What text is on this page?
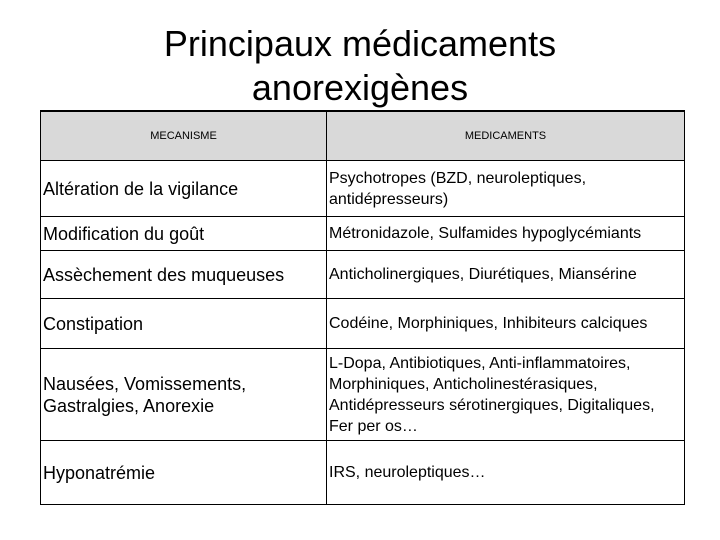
Principaux médicaments
anorexigènes
MECANISME	MEDICAMENTS
Altération de la vigilance	Psychotropes (BZD, neuroleptiques, antidépresseurs)
Modification du goût	Métronidazole, Sulfamides hypoglycémiants
Assèchement des muqueuses	Anticholinergiques, Diurétiques, Miansérine
Constipation	Codéine, Morphiniques, Inhibiteurs calciques
Nausées, Vomissements, Gastralgies, Anorexie	L-Dopa, Antibiotiques, Anti-inflammatoires, Morphiniques, Anticholinestérasiques, Antidépresseurs sérotinergiques, Digitaliques, Fer per os…
Hyponatrémie	IRS, neuroleptiques…
